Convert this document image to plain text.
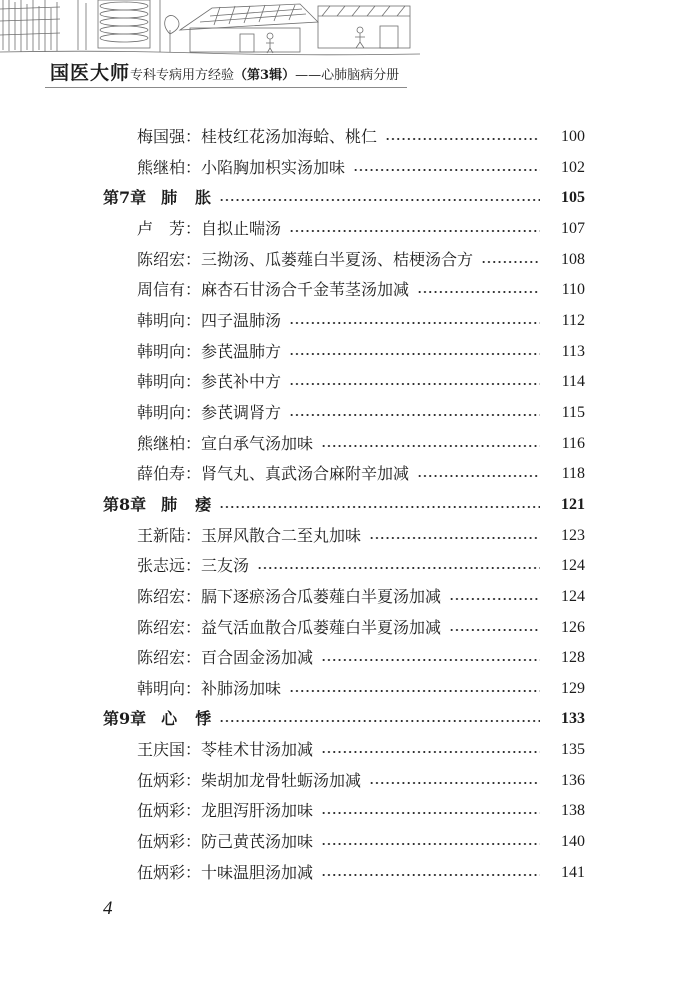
国医大师专科专病用方经验（第3辑）——心肺脑病分册
梅国强 ： 桂枝红花汤加海蛤、桃仁	100
熊继柏 ： 小陷胸加枳实汤加味	102
第7章 肺 胀	105
卢 芳 ： 自拟止喘汤	107
陈绍宏 ： 三拗汤、瓜蒌薤白半夏汤、桔梗汤合方	108
周信有 ： 麻杏石甘汤合千金苇茎汤加减	110
韩明向 ： 四子温肺汤	112
韩明向 ： 参芪温肺方	113
韩明向 ： 参芪补中方	114
韩明向 ： 参芪调肾方	115
熊继柏 ： 宣白承气汤加味	116
薛伯寿 ： 肾气丸、真武汤合麻附辛加减	118
第8章 肺 痿	121
王新陆 ： 玉屏风散合二至丸加味	123
张志远 ： 三友汤	124
陈绍宏 ： 膈下逐瘀汤合瓜蒌薤白半夏汤加减	124
陈绍宏 ： 益气活血散合瓜蒌薤白半夏汤加减	126
陈绍宏 ： 百合固金汤加减	128
韩明向 ： 补肺汤加味	129
第9章 心 悸	133
王庆国 ： 苓桂术甘汤加减	135
伍炳彩 ： 柴胡加龙骨牡蛎汤加减	136
伍炳彩 ： 龙胆泻肝汤加味	138
伍炳彩 ： 防己黄芪汤加味	140
伍炳彩 ： 十味温胆汤加减	141
4
